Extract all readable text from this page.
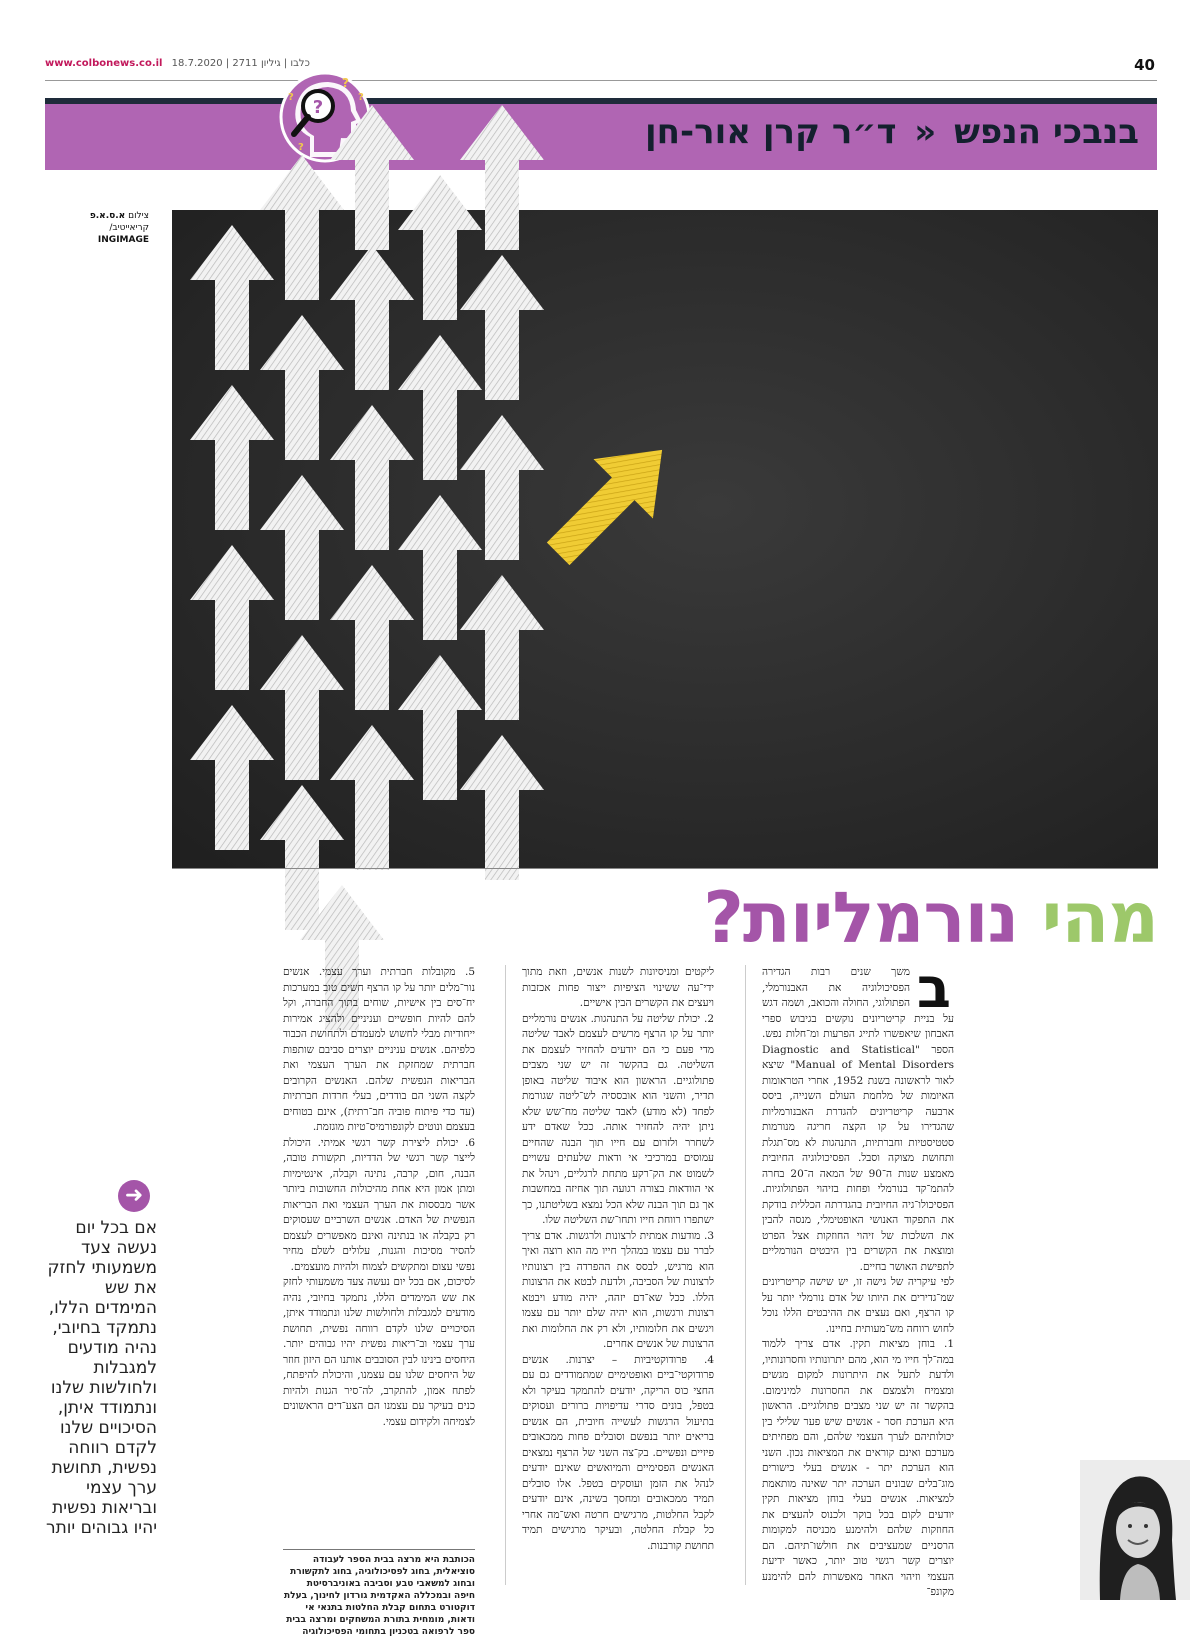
www.colbonews.co.il כלבו | גיליון 2711 | 18.7.2020	40
בנבכי הנפש « ד״ר קרן אור-חן
?
?
?
?
?
צילום א.ס.א.פ
קריאייטיב/
INGIMAGE
מהי נורמליות?
➜
אם בכל יום נעשה צעד משמעותי לחזק את שש המימדים הללו, נתמקד בחיובי, נהיה מודעים למגבלות ולחולשות שלנו ונתמודד איתן, הסיכויים שלנו לקדם רווחה נפשית, תחושת ערך עצמי ובריאות נפשית יהיו גבוהים יותר
ב

משך שנים רבות הגדירה הפסיכולוגיה את האבנורמלי, הפתולוגי, החולה והכואב, ושמה דגש על בניית קריטריונים נוקשים בגיבוש ספרי האבחון שיאפשרו לתייג הפרעות ומ־חלות נפש. הספר "Diagnostic and Statistical Manual of Mental Disorders" שיצא לאור לראשונה בשנת 1952, אחרי הטראומות האיומות של מלחמת העולם השנייה, ביסס ארבעה קריטריונים להגדרת האבנורמליות שהגדירו על קו הקצה חריגה מנורמות סטטיסטיות וחברתיות, התנהגות לא מס־תגלת ותחושת מצוקה וסבל. הפסיכולוגיה החיובית מאמצע שנות ה־90 של המאה ה־20 בחרה להתמ־קד בנורמלי ופחות בזיהוי הפתולוגיות. הפסיכולו־גיה החיובית בהגדרתה הכללית בודקת את התפקוד האנושי האופטימלי, מנסה להבין את השלכות של זיהוי החוזקות אצל הפרט ומוצאת את הקשרים בין היבטים הנורמליים לתפישת האושר בחיים.

לפי עיקריה של גישה זו, יש שישה קריטריונים שמ־גדירים את היותו של אדם נורמלי יותר על קו הרצף, ואם נעצים את ההיבטים הללו נוכל לחוש רווחה מש־מעותית בחיינו.

1. בוחן מציאות תקין. אדם צריך ללמוד במה־לך חייו מי הוא, מהם יתרונותיו וחסרונותיו, ולדעת לתעל את היתרונות למקום מגשים ומצמיח ולצמצם את החסרונות למינימום. בהקשר זה יש שני מצבים פתולוגיים. הראשון היא הערכת חסר - אנשים שיש פער שלילי בין יכולותיהם לערך העצמי שלהם, והם מפחיתים מערכם ואינם קוראים את המציאות נכון. השני הוא הערכת יתר - אנשים בעלי כישורים מוג־בלים שבונים הערכה יתר שאינה מותאמת למציאות. אנשים בעלי בוחן מציאות תקין יודעים לקום בכל בוקר ולכנוס להעצים את החוזקות שלהם ולהימנע מכניסה למקומות הרסניים שמעציבים את חולשו־תיהם. הם יוצרים קשר רגשי טוב יותר, כאשר ידיעת העצמי וזיהוי האחר מאפשרות להם להימנע מקונפ־

ליקטים ומניסיונות לשנות אנשים, וזאת מתוך ידי־עה ששינוי הציפיות ייצור פחות אכזבות ויעצים את הקשרים הבין אישיים.

2. יכולת שליטה על התנהגות. אנשים נורמליים יותר על קו הרצף מרשים לעצמם לאבד שליטה מדי פעם כי הם יודעים להחזיר לעצמם את השליטה. גם בהקשר זה יש שני מצבים פתולוגיים. הראשון הוא איבוד שליטה באופן תדיר, והשני הוא אובססיה לש־ליטה שגורמת לפחד (לא מודע) לאבד שליטה מח־שש שלא ניתן יהיה להחזיר אותה. ככל שאדם ידע לשחרר ולזרום עם חייו תוך הבנה שהחיים עמוסים במרכיבי אי ודאות שלעתים עשויים לשמוט את הק־רקע מתחת לרגליים, וינהל את אי הוודאות בצורה רגועה תוך אחיזה במחשבות אך גם תוך הבנה שלא הכל נמצא בשליטתנו, כך ישתפרו רווחת חייו ותחו־שת השליטה שלו.

3. מודעות אמתית לרצונות ולרגשות. אדם צריך לברר עם עצמו במהלך חייו מה הוא רוצה ואיך הוא מרגיש, לבסס את ההפרדה בין רצונותיו לרצונות של הסביבה, ולדעת לבטא את הרצונות הללו. ככל שא־דם יזהה, יהיה מודע ויבטא רצונות ורגשות, הוא יהיה שלם יותר עם עצמו ויגשים את חלומותיו, ולא רק את החלומות ואת הרצונות של אנשים אחרים.

4. פרודוקטיביות – יצרנות. אנשים פרודוקטי־ביים ואופטימיים שמתמודדים גם עם החצי כוס הריקה, יודעים להתמקד בעיקר ולא בטפל, בונים סדרי עדיפויות ברורים ועסוקים בתיעול הרגשות לעשייה חיובית, הם אנשים בריאים יותר בנפשם וסובלים פחות ממכאובים פיזיים ונפשיים. בק־צה השני של הרצף נמצאים האנשים הפסימיים והמיואשים שאינם יודעים לנהל את הזמן ועוסקים בטפל. אלו סובלים תמיד ממכאובים ומחסך בשינה, אינם יודעים לקבל החלטות, מרגישים חרטה ואש־מה אחרי כל קבלת החלטה, ובעיקר מרגישים תמיד תחושת קורבנות.

5. מקובלות חברתית וערך עצמי. אנשים נור־מלים יותר על קו הרצף חשים טוב במערכות יח־סים בין אישיות, שוחים בתוך החברה, וקל להם להיות חופשיים ועניניים ולהציג אמירות ייחודיות מבלי לחשוש למעמדם ולתחושת הכבוד כלפיהם. אנשים עניניים יוצרים סביבם שותפות חברתית שמחזקת את הערך העצמי ואת הבריאות הנפשית שלהם. האנשים הקרובים לקצה השני הם בודדים, בעלי חרדות חברתיות (עד כדי פיתוח פוביה חב־רתית), אינם בטוחים בעצמם ונוטים לקונפורמיס־טיות מוגזמת.

6. יכולת ליצירת קשר רגשי אמיתי. היכולת לייצר קשר רגשי של הדדיות, תקשורת טובה, הבנה, חום, קרבה, נתינה וקבלה, אינטימיות ומתן אמון היא אחת מהיכולות החשובות ביותר אשר מבססות את הערך העצמי ואת הבריאות הנפשית של האדם. אנשים השרביים שעסוקים רק בקבלה או בנתינה ואינם מאפשרים לעצמם להסיר מסיכות והגנות, עלולים לשלם מחיר נפשי עצום ומתקשים לצמוח ולהיות מועצמים.

לסיכום, אם בכל יום נעשה צעד משמעותי לחזק את שש המימדים הללו, נתמקד בחיובי, נהיה מודעים למגבלות ולחולשות שלנו ונתמודד איתן, הסיכויים שלנו לקדם רווחה נפשית, תחושת ערך עצמי וב־ריאות נפשית יהיו גבוהים יותר. היחסים בינינו לבין הסובבים אותנו הם היזון חוזר של היחסים שלנו עם עצמנו, והיכולת להיפתח, לפתח אמון, להתקרב, לה־סיר הגנות ולהיות כנים בעיקר עם עצמנו הם הצע־דים הראשונים לצמיחה ולקידום עצמי.

הכותבת היא מרצה בבית הספר לעבודה סוציאלית, בחוג לפסיכולוגיה, בחוג לתקשורת ובחוג למשאבי טבע וסביבה באוניברסיטת חיפה ובמכללה האקדמית גורדון לחינוך, בעלת דוקטורט בתחום קבלת החלטות בתנאי אי ודאות, מומחית בתורת המשחקים ומרצה בבית ספר לרפואה בטכניון בתחומי הפסיכולוגיה
